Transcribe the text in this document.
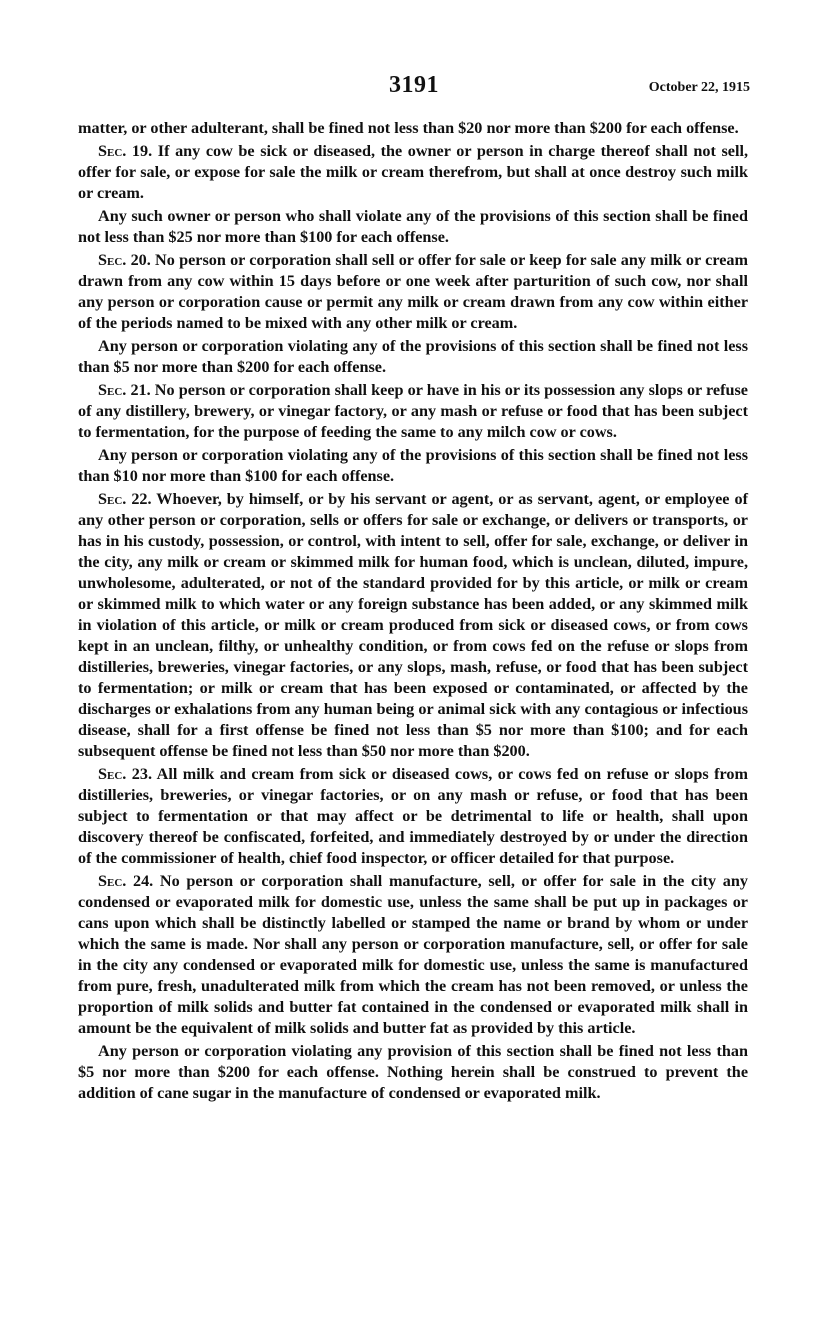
3191	October 22, 1915

matter, or other adulterant, shall be fined not less than $20 nor more than $200 for each offense.

Sec. 19. If any cow be sick or diseased, the owner or person in charge thereof shall not sell, offer for sale, or expose for sale the milk or cream therefrom, but shall at once destroy such milk or cream.

Any such owner or person who shall violate any of the provisions of this section shall be fined not less than $25 nor more than $100 for each offense.

Sec. 20. No person or corporation shall sell or offer for sale or keep for sale any milk or cream drawn from any cow within 15 days before or one week after parturition of such cow, nor shall any person or corporation cause or permit any milk or cream drawn from any cow within either of the periods named to be mixed with any other milk or cream.

Any person or corporation violating any of the provisions of this section shall be fined not less than $5 nor more than $200 for each offense.

Sec. 21. No person or corporation shall keep or have in his or its possession any slops or refuse of any distillery, brewery, or vinegar factory, or any mash or refuse or food that has been subject to fermentation, for the purpose of feeding the same to any milch cow or cows.

Any person or corporation violating any of the provisions of this section shall be fined not less than $10 nor more than $100 for each offense.

Sec. 22. Whoever, by himself, or by his servant or agent, or as servant, agent, or employee of any other person or corporation, sells or offers for sale or exchange, or delivers or transports, or has in his custody, possession, or control, with intent to sell, offer for sale, exchange, or deliver in the city, any milk or cream or skimmed milk for human food, which is unclean, diluted, impure, unwholesome, adulterated, or not of the standard provided for by this article, or milk or cream or skimmed milk to which water or any foreign substance has been added, or any skimmed milk in violation of this article, or milk or cream produced from sick or diseased cows, or from cows kept in an unclean, filthy, or unhealthy condition, or from cows fed on the refuse or slops from distilleries, breweries, vinegar factories, or any slops, mash, refuse, or food that has been subject to fermentation; or milk or cream that has been exposed or contaminated, or affected by the discharges or exhalations from any human being or animal sick with any contagious or infectious disease, shall for a first offense be fined not less than $5 nor more than $100; and for each subsequent offense be fined not less than $50 nor more than $200.

Sec. 23. All milk and cream from sick or diseased cows, or cows fed on refuse or slops from distilleries, breweries, or vinegar factories, or on any mash or refuse, or food that has been subject to fermentation or that may affect or be detrimental to life or health, shall upon discovery thereof be confiscated, forfeited, and immediately destroyed by or under the direction of the commissioner of health, chief food inspector, or officer detailed for that purpose.

Sec. 24. No person or corporation shall manufacture, sell, or offer for sale in the city any condensed or evaporated milk for domestic use, unless the same shall be put up in packages or cans upon which shall be distinctly labelled or stamped the name or brand by whom or under which the same is made. Nor shall any person or corporation manufacture, sell, or offer for sale in the city any condensed or evaporated milk for domestic use, unless the same is manufactured from pure, fresh, unadulterated milk from which the cream has not been removed, or unless the proportion of milk solids and butter fat contained in the condensed or evaporated milk shall in amount be the equivalent of milk solids and butter fat as provided by this article.

Any person or corporation violating any provision of this section shall be fined not less than $5 nor more than $200 for each offense. Nothing herein shall be construed to prevent the addition of cane sugar in the manufacture of condensed or evaporated milk.
